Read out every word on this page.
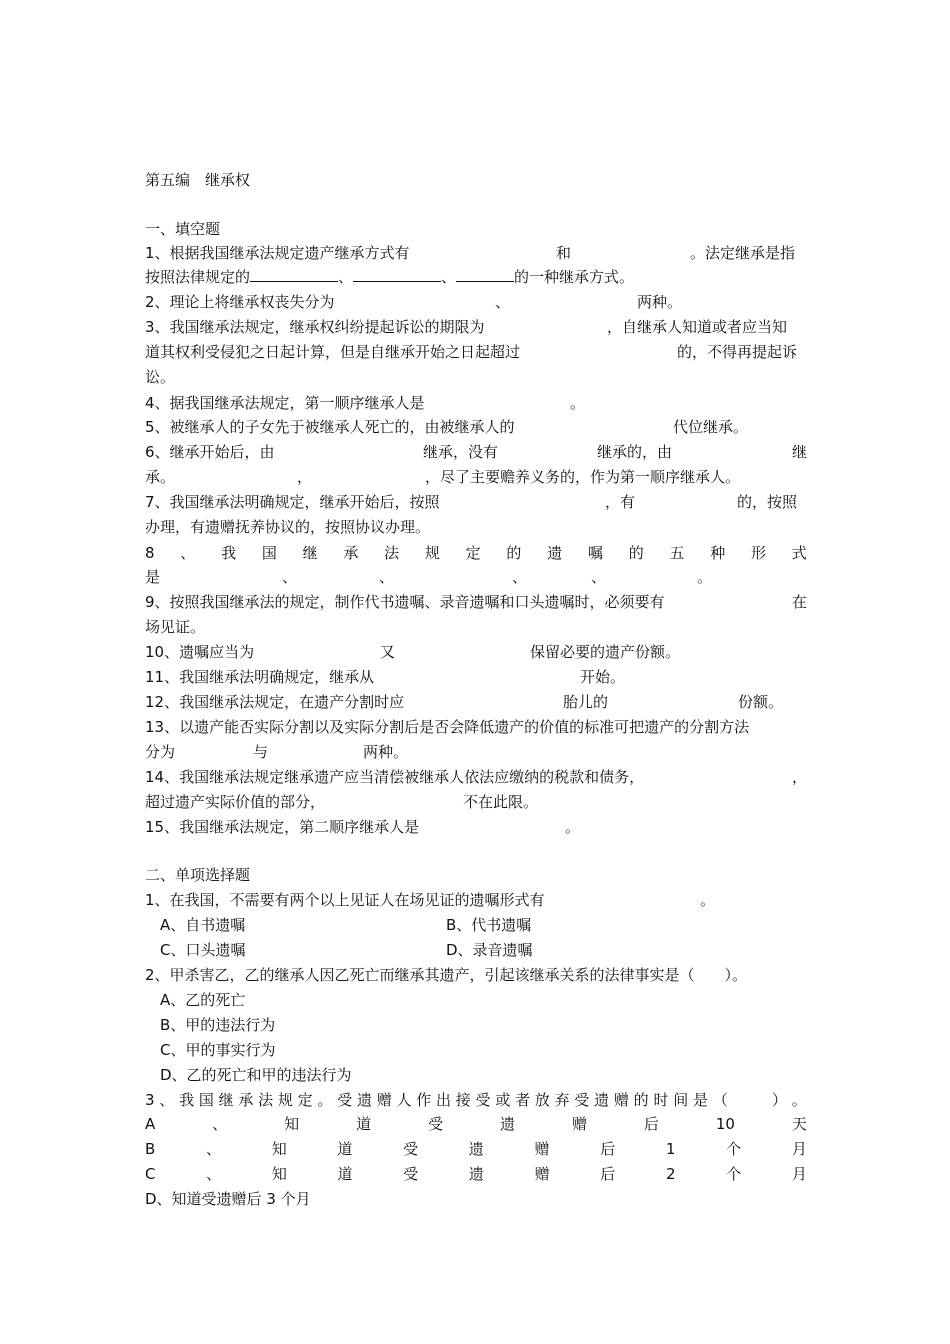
第五编　继承权
一、填空题
1、根据我国继承法规定遗产继承方式有	和	。法定继承是指
按照法律规定的	、	、	的一种继承方式。
2、理论上将继承权丧失分为	、	两种。
3、我国继承法规定，继承权纠纷提起诉讼的期限为	，自继承人知道或者应当知
道其权利受侵犯之日起计算，但是自继承开始之日起超过	的，不得再提起诉
讼。
4、据我国继承法规定，第一顺序继承人是	。
5、被继承人的子女先于被继承人死亡的，由被继承人的	代位继承。
6、继承开始后，由	继承，没有	继承的，由	继
承。	，	，尽了主要赡养义务的，作为第一顺序继承人。
7、我国继承法明确规定，继承开始后，按照	，有	的，按照
办理，有遗赠抚养协议的，按照协议办理。
8 、 我 国 继 承 法 规 定 的 遗 嘱 的 五 种 形 式
是	、	、	、	、	。
9、按照我国继承法的规定，制作代书遗嘱、录音遗嘱和口头遗嘱时，必须要有	在
场见证。
10、遗嘱应当为	又	保留必要的遗产份额。
11、我国继承法明确规定，继承从	开始。
12、我国继承法规定，在遗产分割时应	胎儿的	份额。
13、以遗产能否实际分割以及实际分割后是否会降低遗产的价值的标准可把遗产的分割方法
分为	与	两种。
14、我国继承法规定继承遗产应当清偿被继承人依法应缴纳的税款和债务，	，
超过遗产实际价值的部分，	不在此限。
15、我国继承法规定，第二顺序继承人是	。
二、单项选择题
1、在我国，不需要有两个以上见证人在场见证的遗嘱形式有	。
A、自书遗嘱	B、代书遗嘱
C、口头遗嘱	D、录音遗嘱
2、甲杀害乙，乙的继承人因乙死亡而继承其遗产，引起该继承关系的法律事实是（　　）。
A、乙的死亡
B、甲的违法行为
C、甲的事实行为
D、乙的死亡和甲的违法行为
3 、 我 国 继 承 法 规 定 。 受 遗 赠 人 作 出 接 受 或 者 放 弃 受 遗 赠 的 时 间 是 （

　	） 。
A	、	知	道	受	遗	赠	后	10	天
B	、	知	道	受	遗	赠	后	1	个	月
C	、	知	道	受	遗	赠	后	2	个	月
D、知道受遗赠后 3 个月
